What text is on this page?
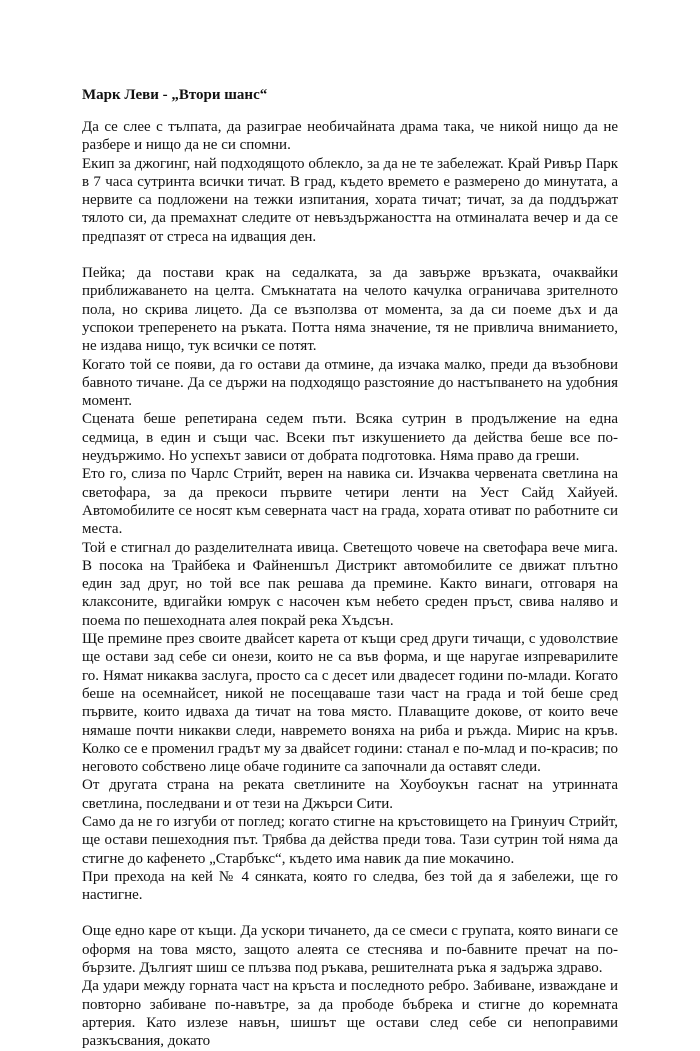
Марк Леви - „Втори шанс“

Да се слее с тълпата, да разиграе необичайната драма така, че никой нищо да не разбере и нищо да не си спомни.

Екип за джогинг, най подходящото облекло, за да не те забележат. Край Ривър Парк в 7 часа сутринта всички тичат. В град, където времето е размерено до минутата, а нервите са подложени на тежки изпитания, хората тичат; тичат, за да поддържат тялото си, да премахнат следите от невъздържаността на отминалата вечер и да се предпазят от стреса на идващия ден.

Пейка; да постави крак на седалката, за да завърже връзката, очаквайки приближаването на целта. Смъкнатата на челото качулка ограничава зрителното пола, но скрива лицето. Да се възползва от момента, за да си поеме дъх и да успокои треперенето на ръката. Потта няма значение, тя не привлича вниманието, не издава нищо, тук всички се потят.

Когато той се появи, да го остави да отмине, да изчака малко, преди да възобнови бавното тичане. Да се държи на подходящо разстояние до настъпването на удобния момент.

Сцената беше репетирана седем пъти. Всяка сутрин в продължение на една седмица, в един и същи час. Всеки път изкушението да действа беше все по-неудържимо. Но успехът зависи от добрата подготовка. Няма право да греши.

Ето го, слиза по Чарлс Стрийт, верен на навика си. Изчаква червената светлина на светофара, за да прекоси първите четири ленти на Уест Сайд Хайуей. Автомобилите се носят към северната част на града, хората отиват по работните си места.

Той е стигнал до разделителната ивица. Светещото човече на светофара вече мига. В посока на Трайбека и Файненшъл Дистрикт автомобилите се движат плътно един зад друг, но той все пак решава да премине. Както винаги, отговаря на клаксоните, вдигайки юмрук с насочен към небето среден пръст, свива наляво и поема по пешеходната алея покрай река Хъдсън.

Ще премине през своите двайсет карета от къщи сред други тичащи, с удоволствие ще остави зад себе си онези, които не са във форма, и ще наругае изпреварилите го. Нямат никаква заслуга, просто са с десет или двадесет години по-млади. Когато беше на осемнайсет, никой не посещаваше тази част на града и той беше сред първите, които идваха да тичат на това място. Плаващите докове, от които вече нямаше почти никакви следи, навремето воняха на риба и ръжда. Мирис на кръв. Колко се е променил градът му за двайсет години: станал е по-млад и по-красив; по неговото собствено лице обаче годините са започнали да оставят следи.

От другата страна на реката светлините на Хоубоукън гаснат на утринната светлина, последвани и от тези на Джърси Сити.

Само да не го изгуби от поглед; когато стигне на кръстовището на Гринуич Стрийт, ще остави пешеходния път. Трябва да действа преди това. Тази сутрин той няма да стигне до кафенето „Старбъкс“, където има навик да пие мокачино.

При прехода на кей № 4 сянката, която го следва, без той да я забележи, ще го настигне.

Още едно каре от къщи. Да ускори тичането, да се смеси с групата, която винаги се оформя на това място, защото алеята се стеснява и по-бавните пречат на по-бързите. Дългият шиш се плъзва под ръкава, решителната ръка я задържа здраво.

Да удари между горната част на кръста и последното ребро. Забиване, изваждане и повторно забиване по-навътре, за да прободе бъбрека и стигне до коремната артерия. Като излезе навън, шишът ще остави след себе си непоправими разкъсвания, докато
